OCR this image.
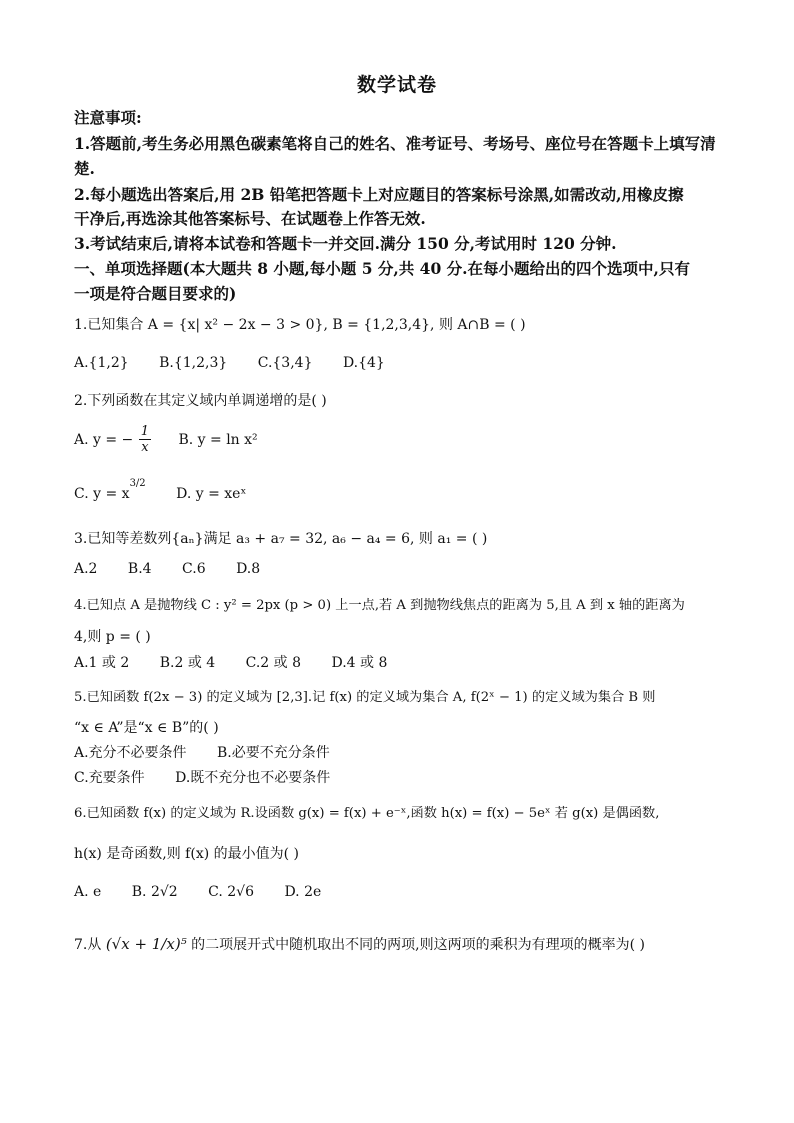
数学试卷
注意事项:
1.答题前,考生务必用黑色碳素笔将自己的姓名、准考证号、考场号、座位号在答题卡上填写清
楚.
2.每小题选出答案后,用 2B 铅笔把答题卡上对应题目的答案标号涂黑,如需改动,用橡皮擦
干净后,再选涂其他答案标号、在试题卷上作答无效.
3.考试结束后,请将本试卷和答题卡一并交回.满分 150 分,考试用时 120 分钟.
一、单项选择题(本大题共 8 小题,每小题 5 分,共 40 分.在每小题给出的四个选项中,只有
一项是符合题目要求的)
1.已知集合 A = {x| x² − 2x − 3 > 0}, B = {1,2,3,4}, 则 A∩B = ( )
A.{1,2} B.{1,2,3} C.{3,4} D.{4}
2.下列函数在其定义域内单调递增的是( )
A. y = − $\frac{1}{x} B$. y = ln x²
C. $y = x^{3/2}$ D. y = xeˣ
3.已知等差数列{aₙ}满足 a₃ + a₇ = 32, a₆ − a₄ = 6, 则 a₁ = ( )
A.2 B.4 C.6 D.8
4.已知点 A 是抛物线 C : y² = 2px (p > 0) 上一点,若 A 到抛物线焦点的距离为 5,且 A 到 x 轴的距离为
4,则 p = ( )
A.1 或 2 B.2 或 4 C.2 或 8 D.4 或 8
5.已知函数 f(2x − 3) 的定义域为 [2,3].记 f(x) 的定义域为集合 A, f(2ˣ − 1) 的定义域为集合 B 则
“x ∈ A”是“x ∈ B”的( )
A.充分不必要条件 B.必要不充分条件
C.充要条件 D.既不充分也不必要条件
6.已知函数 f(x) 的定义域为 R.设函数 g(x) = f(x) + e⁻ˣ,函数 h(x) = f(x) − 5eˣ 若 g(x) 是偶函数,
h(x) 是奇函数,则 f(x) 的最小值为( )
A. e B. 2√2 C. 2√6 D. 2e
7.从 (√x + 1/x)⁵ 的二项展开式中随机取出不同的两项,则这两项的乘积为有理项的概率为( )
